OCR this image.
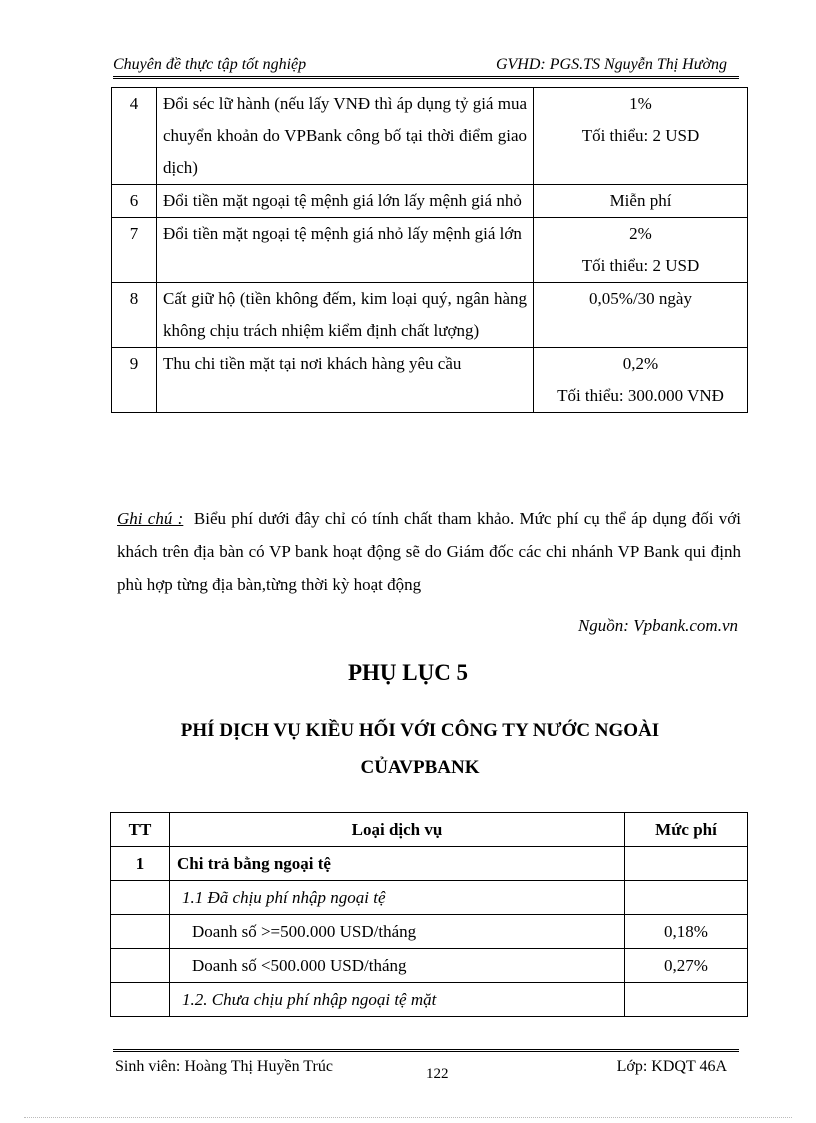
Chuyên đề thực tập tốt nghiệp	GVHD: PGS.TS Nguyễn Thị Hường
4	Đổi séc lữ hành (nếu lấy VNĐ thì áp dụng tỷ giá mua chuyển khoản do VPBank công bố tại thời điểm giao dịch)	1%
Tối thiểu: 2 USD

6	Đổi tiền mặt ngoại tệ mệnh giá lớn lấy mệnh giá nhỏ	Miễn phí

7	Đổi tiền mặt ngoại tệ mệnh giá nhỏ lấy mệnh giá lớn	2%
Tối thiểu: 2 USD

8	Cất giữ hộ (tiền không đếm, kim loại quý, ngân hàng không chịu trách nhiệm kiểm định chất lượng)	0,05%/30 ngày

9	Thu chi tiền mặt tại nơi khách hàng yêu cầu	0,2%
Tối thiểu: 300.000 VNĐ
Ghi chú : Biểu phí dưới đây chỉ có tính chất tham khảo. Mức phí cụ thể áp dụng đối với khách trên địa bàn có VP bank hoạt động sẽ do Giám đốc các chi nhánh VP Bank qui định phù hợp từng địa bàn,từng thời kỳ hoạt động
Nguồn: Vpbank.com.vn
PHỤ LỤC 5
PHÍ DỊCH VỤ KIỀU HỐI VỚI CÔNG TY NƯỚC NGOÀI CỦAVPBANK
TT	Loại dịch vụ	Mức phí
1	Chi trả bằng ngoại tệ	
	1.1 Đã chịu phí nhập ngoại tệ	
	Doanh số >=500.000 USD/tháng	0,18%
	Doanh số <500.000 USD/tháng	0,27%
	1.2. Chưa chịu phí nhập ngoại tệ mặt	
Sinh viên: Hoàng Thị Huyền Trúc	122	Lớp: KDQT 46A
